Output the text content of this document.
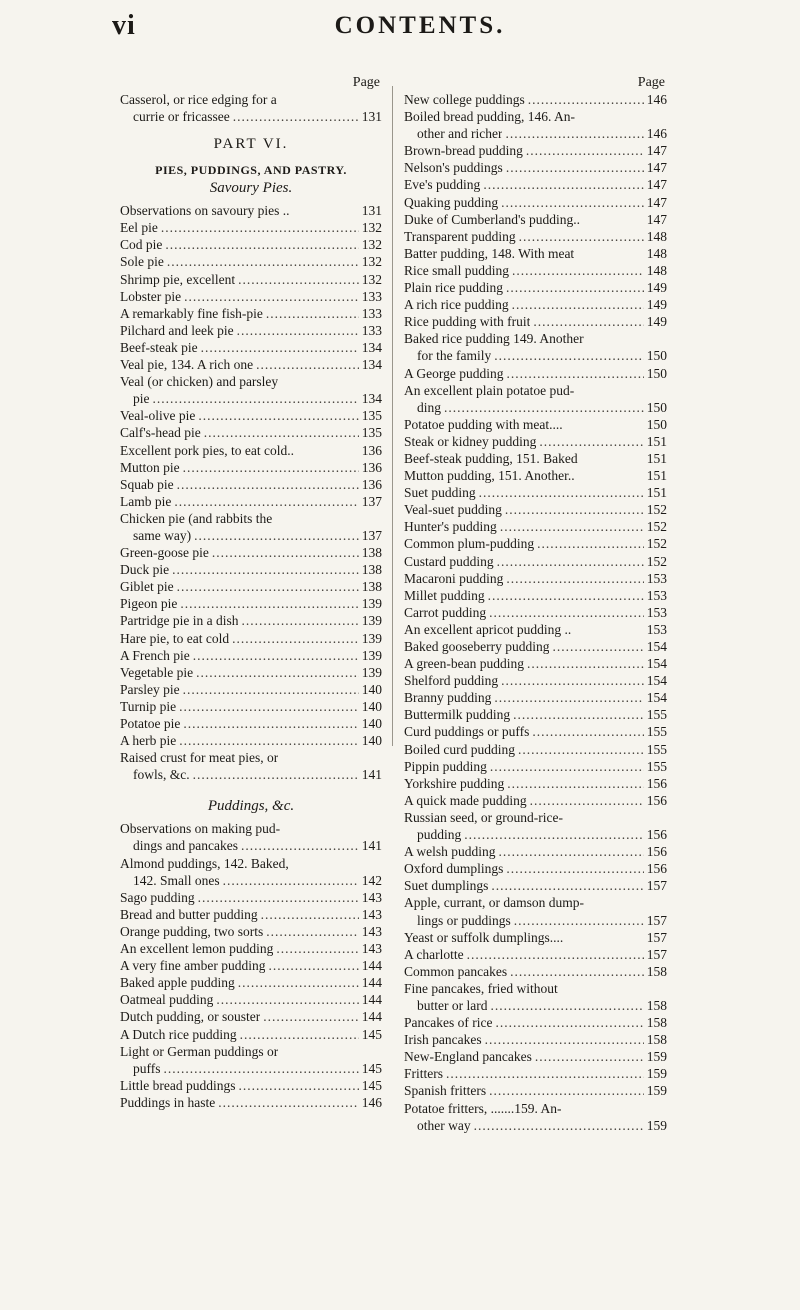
vi	CONTENTS.
Page
Casserol, or rice edging for a
currie or fricassee .....	131
PART VI.
PIES, PUDDINGS, AND PASTRY.
Savoury Pies.
Observations on savoury pies ..	131
Eel pie .....	132
Cod pie .....	132
Sole pie .....	132
Shrimp pie, excellent .....	132
Lobster pie .....	133
A remarkably fine fish-pie .....	133
Pilchard and leek pie .....	133
Beef-steak pie .....	134
Veal pie, 134. A rich one .....	134
Veal (or chicken) and parsley
pie .....	134
Veal-olive pie .....	135
Calf's-head pie .....	135
Excellent pork pies, to eat cold..	136
Mutton pie .....	136
Squab pie .....	136
Lamb pie .....	137
Chicken pie (and rabbits the
same way) .....	137
Green-goose pie .....	138
Duck pie .....	138
Giblet pie .....	138
Pigeon pie .....	139
Partridge pie in a dish .....	139
Hare pie, to eat cold .....	139
A French pie .....	139
Vegetable pie .....	139
Parsley pie .....	140
Turnip pie .....	140
Potatoe pie .....	140
A herb pie .....	140
Raised crust for meat pies, or
fowls, &c. .....	141
Puddings, &c.
Observations on making pud-
dings and pancakes .....	141
Almond puddings, 142. Baked,
142. Small ones .....	142
Sago pudding .....	143
Bread and butter pudding .....	143
Orange pudding, two sorts .....	143
An excellent lemon pudding .....	143
A very fine amber pudding .....	144
Baked apple pudding .....	144
Oatmeal pudding .....	144
Dutch pudding, or souster .....	144
A Dutch rice pudding .....	145
Light or German puddings or
puffs .....	145
Little bread puddings .....	145
Puddings in haste .....	146
Page
New college puddings .....	146
Boiled bread pudding, 146. An-
other and richer .....	146
Brown-bread pudding .....	147
Nelson's puddings .....	147
Eve's pudding .....	147
Quaking pudding .....	147
Duke of Cumberland's pudding..	147
Transparent pudding .....	148
Batter pudding, 148. With meat	148
Rice small pudding .....	148
Plain rice pudding .....	149
A rich rice pudding .....	149
Rice pudding with fruit .....	149
Baked rice pudding 149. Another
for the family .....	150
A George pudding .....	150
An excellent plain potatoe pud-
ding .....	150
Potatoe pudding with meat....	150
Steak or kidney pudding .....	151
Beef-steak pudding, 151. Baked	151
Mutton pudding, 151. Another..	151
Suet pudding .....	151
Veal-suet pudding .....	152
Hunter's pudding .....	152
Common plum-pudding .....	152
Custard pudding .....	152
Macaroni pudding .....	153
Millet pudding .....	153
Carrot pudding .....	153
An excellent apricot pudding ..	153
Baked gooseberry pudding .....	154
A green-bean pudding .....	154
Shelford pudding .....	154
Branny pudding .....	154
Buttermilk pudding .....	155
Curd puddings or puffs .....	155
Boiled curd pudding .....	155
Pippin pudding .....	155
Yorkshire pudding .....	156
A quick made pudding .....	156
Russian seed, or ground-rice-
pudding .....	156
A welsh pudding .....	156
Oxford dumplings .....	156
Suet dumplings .....	157
Apple, currant, or damson dump-
lings or puddings .....	157
Yeast or suffolk dumplings....	157
A charlotte .....	157
Common pancakes .....	158
Fine pancakes, fried without
butter or lard .....	158
Pancakes of rice .....	158
Irish pancakes .....	158
New-England pancakes .....	159
Fritters .....	159
Spanish fritters .....	159
Potatoe fritters, .......159. An-
other way .....	159
